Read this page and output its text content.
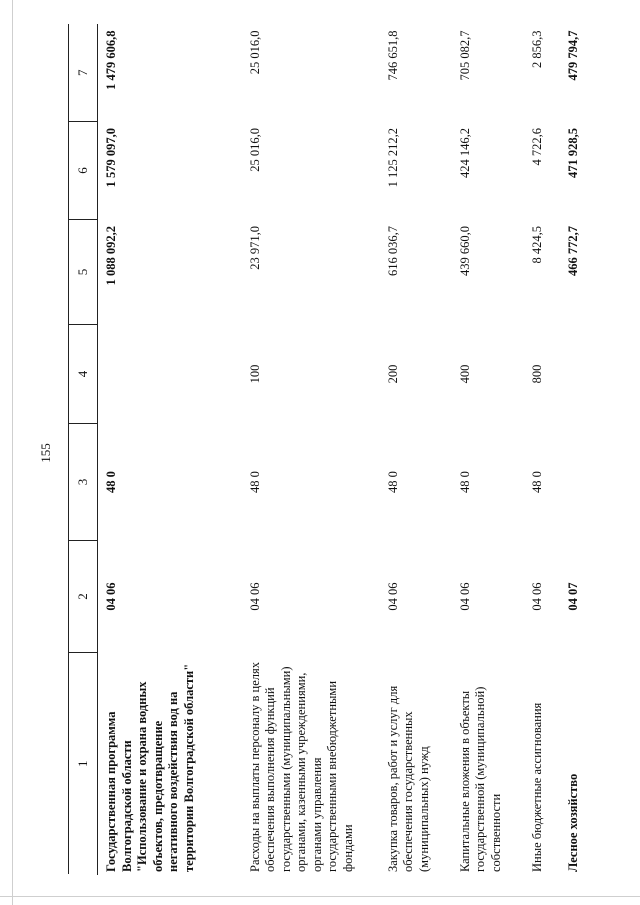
155
1	2	3	4	5	6	7
Государственная программа Волгоградской области "Использование и охрана водных объектов, предотвращение негативного воздействия вод на территории Волгоградской области"	04 06	48 0		1 088 092,2	1 579 097,0	1 479 606,8
Расходы на выплаты персоналу в целях обеспечения выполнения функций государственными (муниципальными) органами, казенными учреждениями, органами управления государственными внебюджетными фондами	04 06	48 0	100	23 971,0	25 016,0	25 016,0
Закупка товаров, работ и услуг для обеспечения государственных (муниципальных) нужд	04 06	48 0	200	616 036,7	1 125 212,2	746 651,8
Капитальные вложения в объекты государственной (муниципальной) собственности	04 06	48 0	400	439 660,0	424 146,2	705 082,7
Иные бюджетные ассигнования	04 06	48 0	800	8 424,5	4 722,6	2 856,3
Лесное хозяйство	04 07			466 772,7	471 928,5	479 794,7
